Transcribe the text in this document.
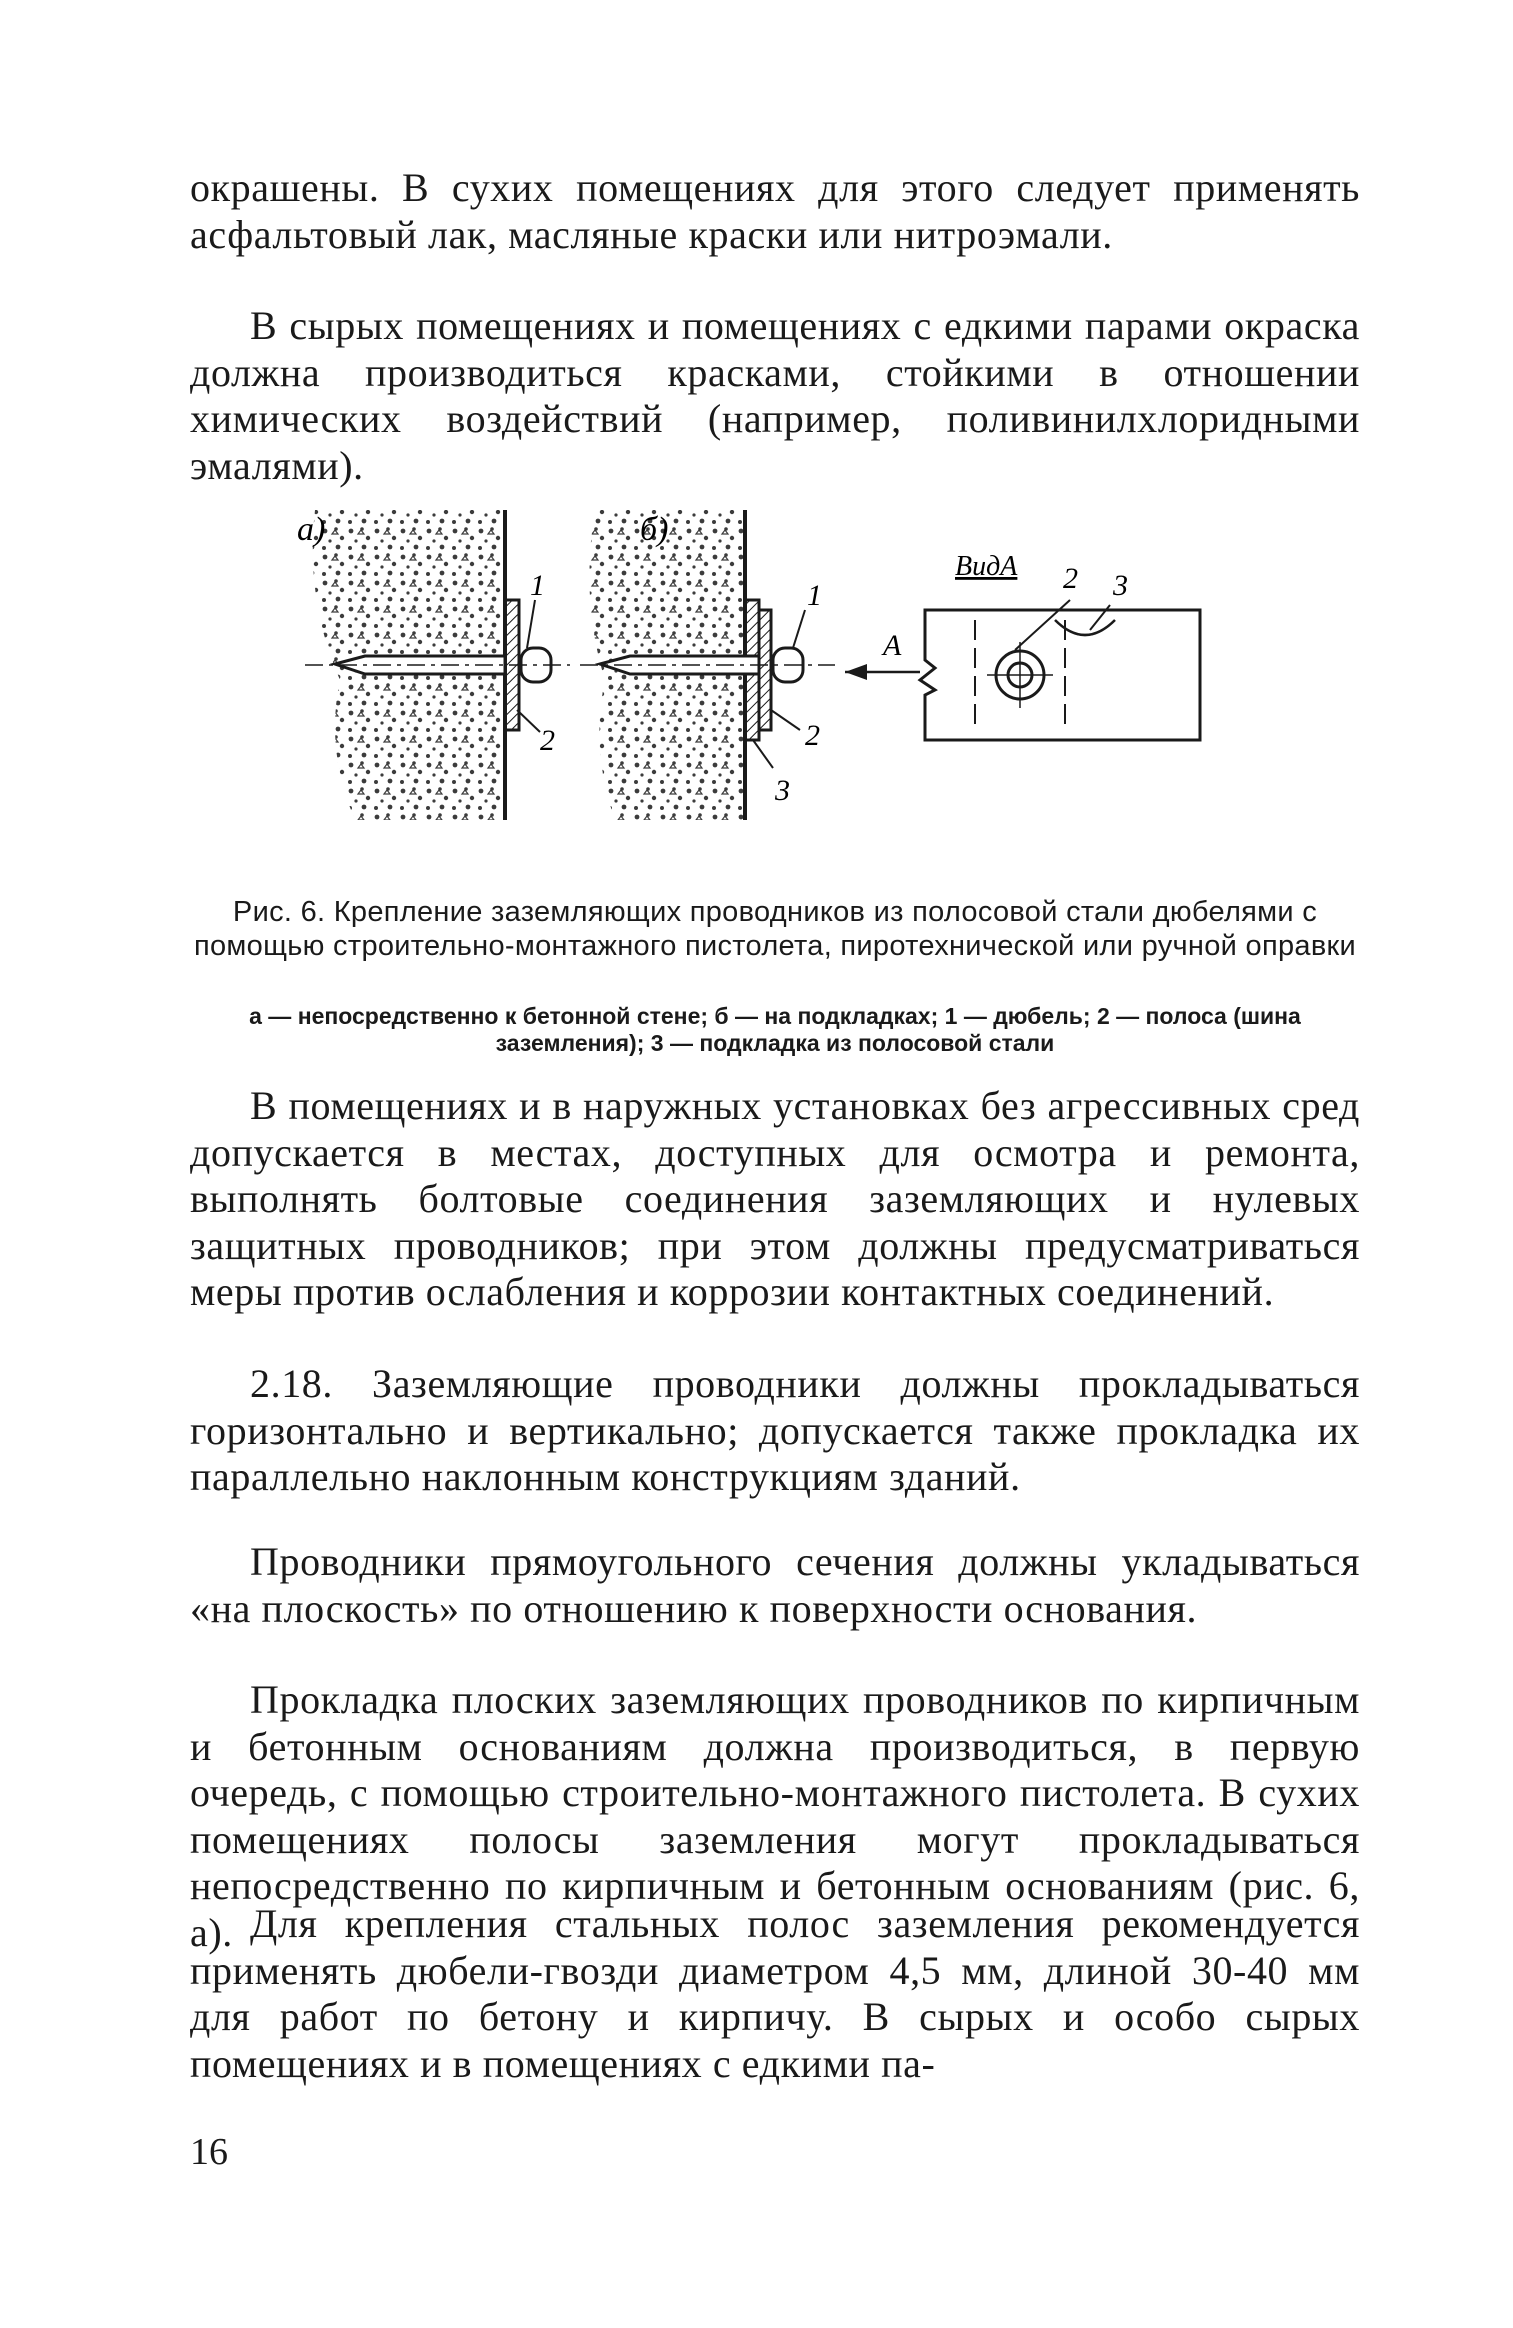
окрашены. В сухих помещениях для этого следует применять асфальтовый лак, масляные краски или нитроэмали.

В сырых помещениях и помещениях с едкими парами окраска должна производиться красками, стойкими в отношении химических воздействий (например, поливинилхлоридными эмалями).

а)
1
2
б)
1
2
3
A
ВидА 2 3

Рис. 6. Крепление заземляющих проводников из полосовой стали дюбелями с помощью строительно-монтажного пистолета, пиротехнической или ручной оправки

а — непосредственно к бетонной стене; б — на подкладках; 1 — дюбель; 2 — полоса (шина заземления); 3 — подкладка из полосовой стали

В помещениях и в наружных установках без агрессивных сред допускается в местах, доступных для осмотра и ремонта, выполнять болтовые соединения заземляющих и нулевых защитных проводников; при этом должны предусматриваться меры против ослабления и коррозии контактных соединений.

2.18. Заземляющие проводники должны прокладываться горизонтально и вертикально; допускается также прокладка их параллельно наклонным конструкциям зданий.

Проводники прямоугольного сечения должны укладываться «на плоскость» по отношению к поверхности основания.

Прокладка плоских заземляющих проводников по кирпичным и бетонным основаниям должна производиться, в первую очередь, с помощью строительно-монтажного пистолета. В сухих помещениях полосы заземления могут прокладываться непосредственно по кирпичным и бетонным основаниям (рис. 6, а). Для крепления стальных полос заземления рекомендуется применять дюбели-гвозди диаметром 4,5 мм, длиной 30-40 мм для работ по бетону и кирпичу. В сырых и особо сырых помещениях и в помещениях с едкими па-

16
